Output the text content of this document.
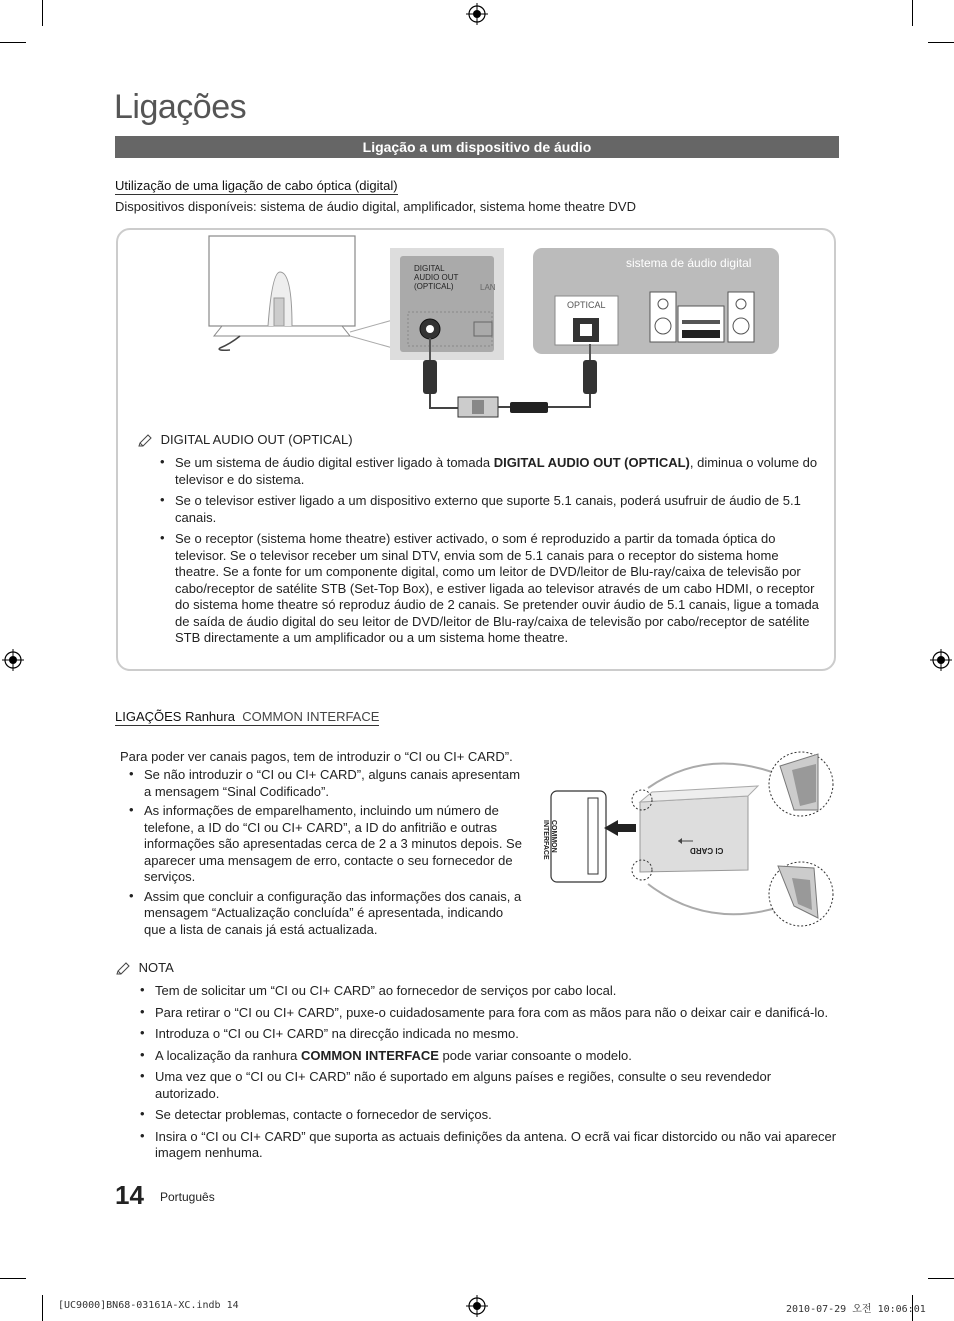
Ligações
Ligação a um dispositivo de áudio
Utilização de uma ligação de cabo óptica (digital)
Dispositivos disponíveis: sistema de áudio digital, amplificador, sistema home theatre DVD
DIGITAL
AUDIO OUT
(OPTICAL)	LAN
sistema de áudio digital
OPTICAL
DIGITAL AUDIO OUT (OPTICAL)
• Se um sistema de áudio digital estiver ligado à tomada DIGITAL AUDIO OUT (OPTICAL), diminua o volume do televisor e do sistema.
• Se o televisor estiver ligado a um dispositivo externo que suporte 5.1 canais, poderá usufruir de áudio de 5.1 canais.
• Se o receptor (sistema home theatre) estiver activado, o som é reproduzido a partir da tomada óptica do televisor. Se o televisor receber um sinal DTV, envia som de 5.1 canais para o receptor do sistema home theatre. Se a fonte for um componente digital, como um leitor de DVD/leitor de Blu-ray/caixa de televisão por cabo/receptor de satélite STB (Set-Top Box), e estiver ligada ao televisor através de um cabo HDMI, o receptor do sistema home theatre só reproduz áudio de 2 canais. Se pretender ouvir áudio de 5.1 canais, ligue a tomada de saída de áudio digital do seu leitor de DVD/leitor de Blu-ray/caixa de televisão por cabo/receptor de satélite STB directamente a um amplificador ou a um sistema home theatre.
LIGAÇÕES Ranhura COMMON INTERFACE
Para poder ver canais pagos, tem de introduzir o “CI ou CI+ CARD”.
• Se não introduzir o “CI ou CI+ CARD”, alguns canais apresentam a mensagem “Sinal Codificado”.
• As informações de emparelhamento, incluindo um número de telefone, a ID do “CI ou CI+ CARD”, a ID do anfitrião e outras informações são apresentadas cerca de 2 a 3 minutos depois. Se aparecer uma mensagem de erro, contacte o seu fornecedor de serviços.
• Assim que concluir a configuração das informações dos canais, a mensagem “Actualização concluída” é apresentada, indicando que a lista de canais já está actualizada.
COMMON
INTERFACE	CI CARD
NOTA
• Tem de solicitar um “CI ou CI+ CARD” ao fornecedor de serviços por cabo local.
• Para retirar o “CI ou CI+ CARD”, puxe-o cuidadosamente para fora com as mãos para não o deixar cair e danificá-lo.
• Introduza o “CI ou CI+ CARD” na direcção indicada no mesmo.
• A localização da ranhura COMMON INTERFACE pode variar consoante o modelo.
• Uma vez que o “CI ou CI+ CARD” não é suportado em alguns países e regiões, consulte o seu revendedor autorizado.
• Se detectar problemas, contacte o fornecedor de serviços.
• Insira o “CI ou CI+ CARD” que suporta as actuais definições da antena. O ecrã vai ficar distorcido ou não vai aparecer imagem nenhuma.
14 Português
[UC9000]BN68-03161A-XC.indb 14	2010-07-29 오전 10:06:01
